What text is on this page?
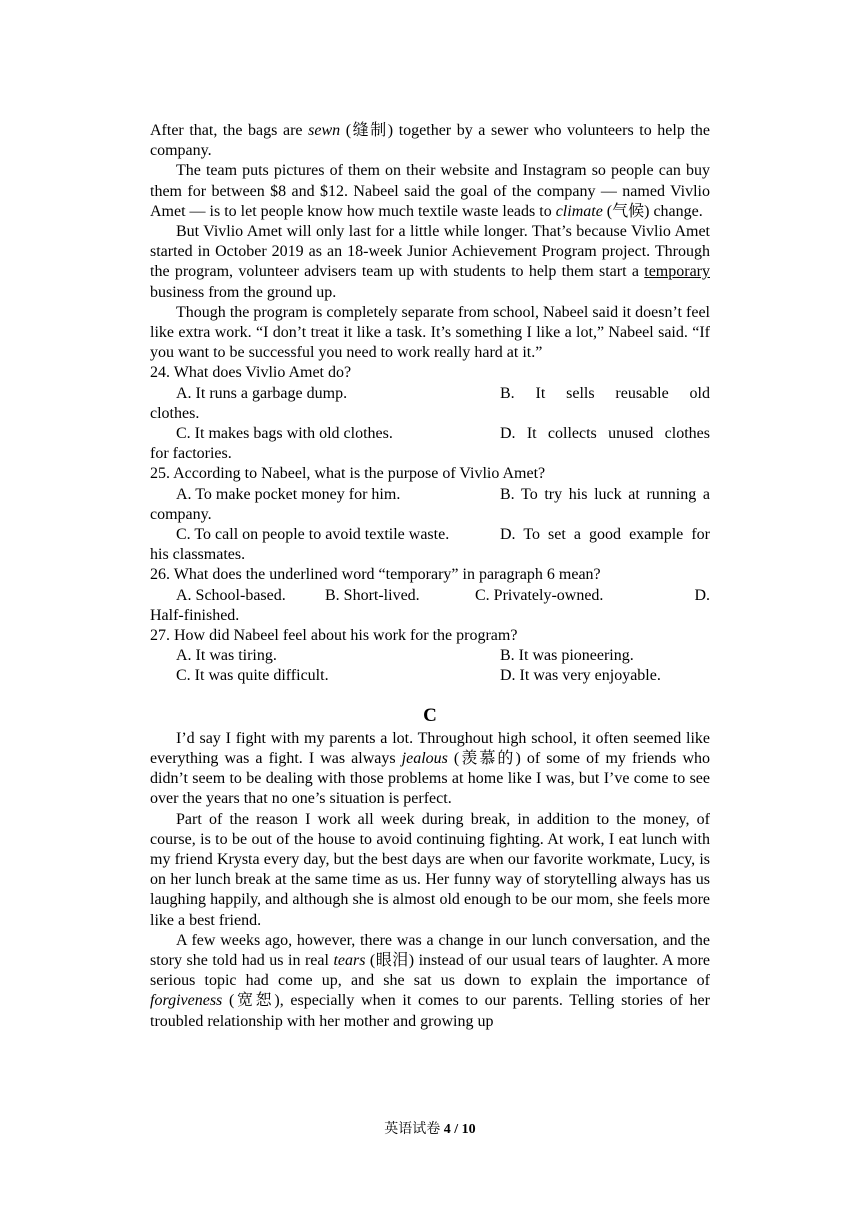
After that, the bags are sewn (缝制) together by a sewer who volunteers to help the company.

The team puts pictures of them on their website and Instagram so people can buy them for between $8 and $12. Nabeel said the goal of the company — named Vivlio Amet — is to let people know how much textile waste leads to climate (气候) change.

But Vivlio Amet will only last for a little while longer. That’s because Vivlio Amet started in October 2019 as an 18-week Junior Achievement Program project. Through the program, volunteer advisers team up with students to help them start a temporary business from the ground up.

Though the program is completely separate from school, Nabeel said it doesn’t feel like extra work. “I don’t treat it like a task. It’s something I like a lot,” Nabeel said. “If you want to be successful you need to work really hard at it.”

24. What does Vivlio Amet do?

A. It runs a garbage dump.	B. It sells reusable old

clothes.

C. It makes bags with old clothes.	D. It collects unused clothes

for factories.

25. According to Nabeel, what is the purpose of Vivlio Amet?

A. To make pocket money for him.	B. To try his luck at running a

company.

C. To call on people to avoid textile waste.	D. To set a good example for

his classmates.

26. What does the underlined word “temporary” in paragraph 6 mean?

A. School-based.	B. Short-lived.	C. Privately-owned.	D.

Half-finished.

27. How did Nabeel feel about his work for the program?

A. It was tiring.	B. It was pioneering.
C. It was quite difficult.	D. It was very enjoyable.

C

I’d say I fight with my parents a lot. Throughout high school, it often seemed like everything was a fight. I was always jealous (羡慕的) of some of my friends who didn’t seem to be dealing with those problems at home like I was, but I’ve come to see over the years that no one’s situation is perfect.

Part of the reason I work all week during break, in addition to the money, of course, is to be out of the house to avoid continuing fighting. At work, I eat lunch with my friend Krysta every day, but the best days are when our favorite workmate, Lucy, is on her lunch break at the same time as us. Her funny way of storytelling always has us laughing happily, and although she is almost old enough to be our mom, she feels more like a best friend.

A few weeks ago, however, there was a change in our lunch conversation, and the story she told had us in real tears (眼泪) instead of our usual tears of laughter. A more serious topic had come up, and she sat us down to explain the importance of forgiveness (宽恕), especially when it comes to our parents. Telling stories of her troubled relationship with her mother and growing up

英语试卷 4 / 10
